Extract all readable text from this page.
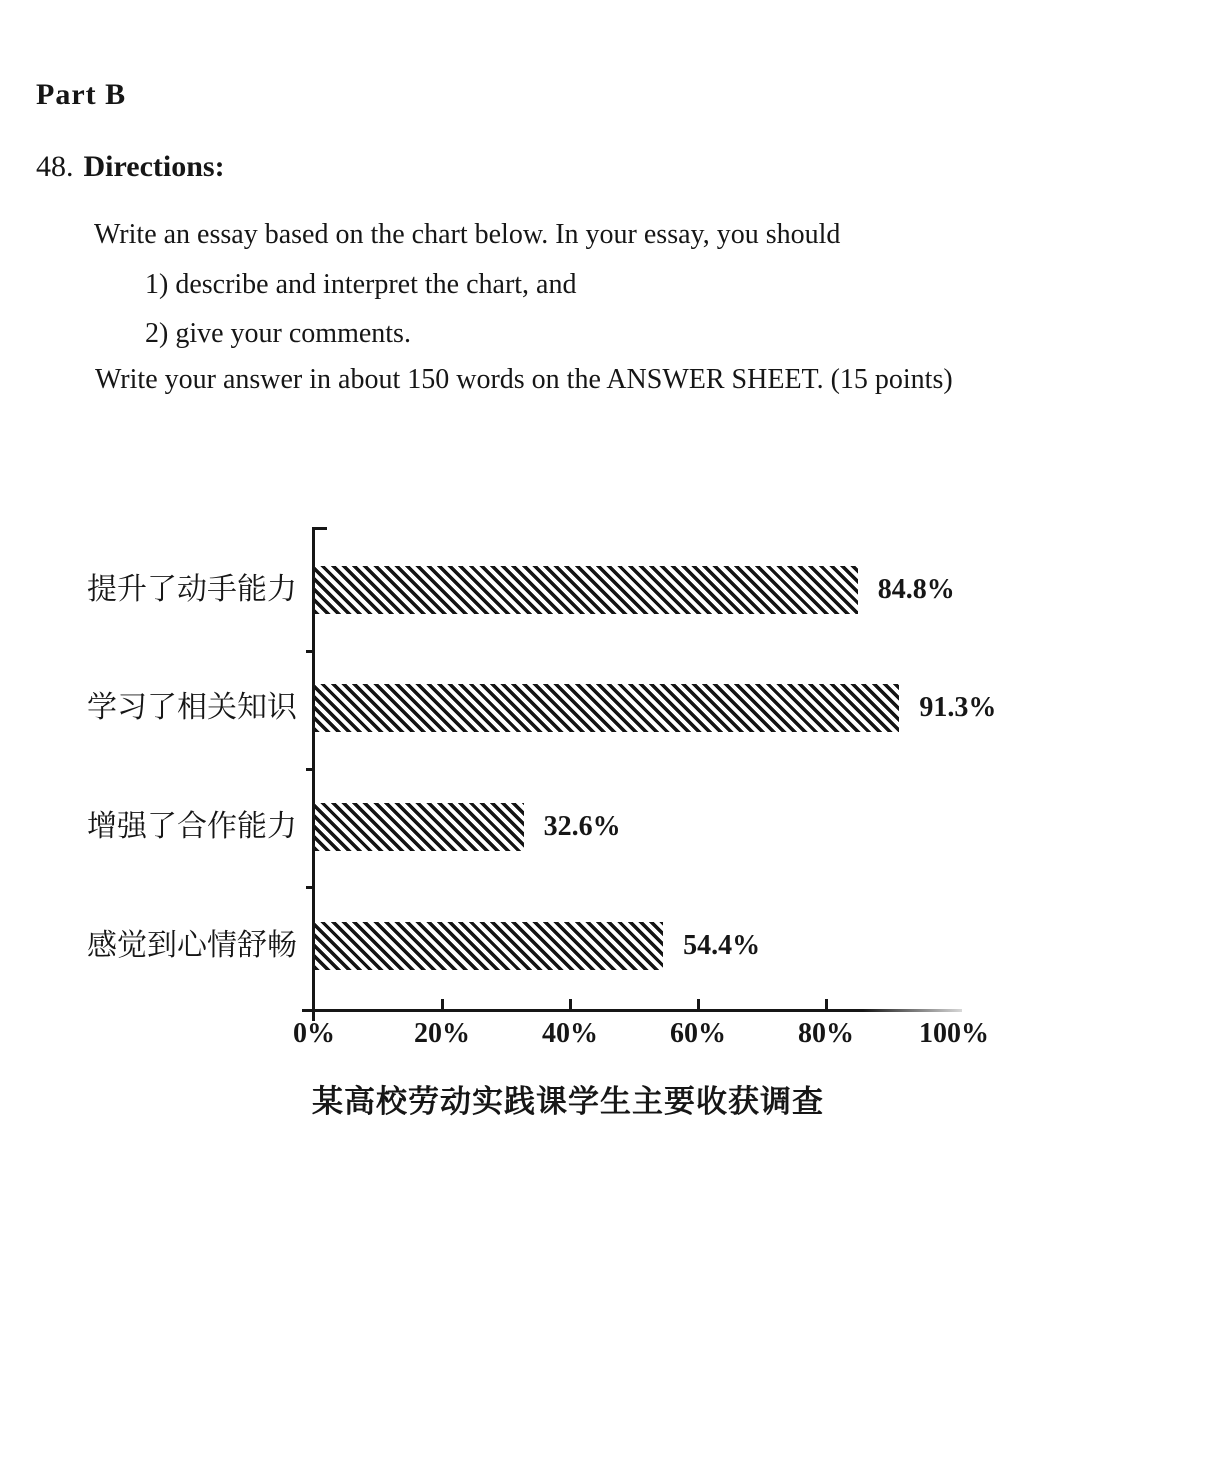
Part B
48. Directions:
Write an essay based on the chart below. In your essay, you should
1) describe and interpret the chart, and
2) give your comments.
Write your answer in about 150 words on the ANSWER SHEET. (15 points)
提升了动手能力
学习了相关知识
增强了合作能力
感觉到心情舒畅
84.8%
91.3%
32.6%
54.4%
0%	20%	40%	60%	80% 100%
某高校劳动实践课学生主要收获调查
